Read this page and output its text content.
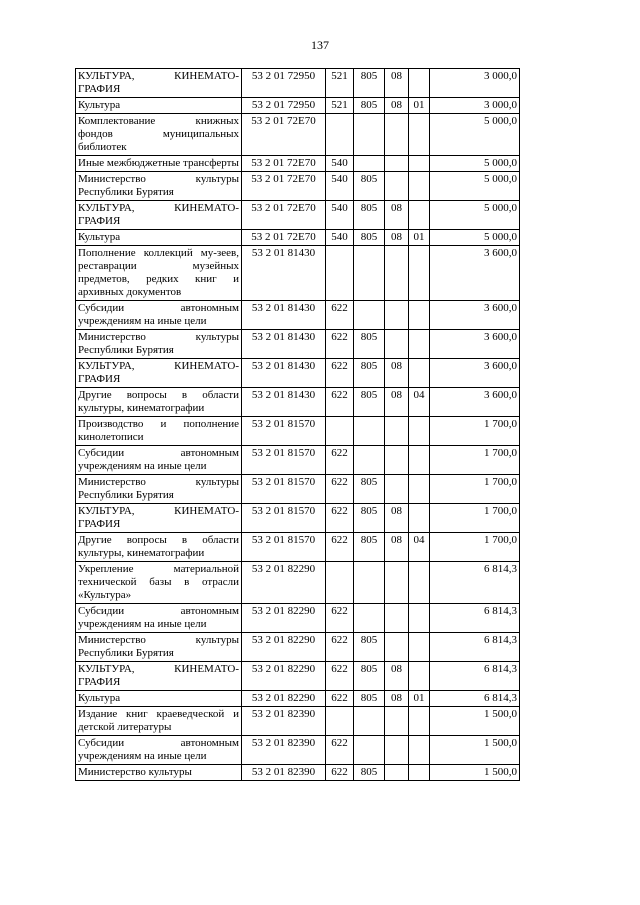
137
КУЛЬТУРА, КИНЕМАТО-ГРАФИЯ	53 2 01 72950	521	805	08		3 000,0
Культура	53 2 01 72950	521	805	08	01	3 000,0
Комплектование книжных фондов муниципальных библиотек	53 2 01 72Е70					5 000,0
Иные межбюджетные трансферты	53 2 01 72Е70	540				5 000,0
Министерство культуры Республики Бурятия	53 2 01 72Е70	540	805			5 000,0
КУЛЬТУРА, КИНЕМАТО-ГРАФИЯ	53 2 01 72Е70	540	805	08		5 000,0
Культура	53 2 01 72Е70	540	805	08	01	5 000,0
Пополнение коллекций му-зеев, реставрации музейных предметов, редких книг и архивных документов	53 2 01 81430					3 600,0
Субсидии автономным учреждениям на иные цели	53 2 01 81430	622				3 600,0
Министерство культуры Республики Бурятия	53 2 01 81430	622	805			3 600,0
КУЛЬТУРА, КИНЕМАТО-ГРАФИЯ	53 2 01 81430	622	805	08		3 600,0
Другие вопросы в области культуры, кинематографии	53 2 01 81430	622	805	08	04	3 600,0
Производство и пополнение кинолетописи	53 2 01 81570					1 700,0
Субсидии автономным учреждениям на иные цели	53 2 01 81570	622				1 700,0
Министерство культуры Республики Бурятия	53 2 01 81570	622	805			1 700,0
КУЛЬТУРА, КИНЕМАТО-ГРАФИЯ	53 2 01 81570	622	805	08		1 700,0
Другие вопросы в области культуры, кинематографии	53 2 01 81570	622	805	08	04	1 700,0
Укрепление материальной технической базы в отрасли «Культура»	53 2 01 82290					6 814,3
Субсидии автономным учреждениям на иные цели	53 2 01 82290	622				6 814,3
Министерство культуры Республики Бурятия	53 2 01 82290	622	805			6 814,3
КУЛЬТУРА, КИНЕМАТО-ГРАФИЯ	53 2 01 82290	622	805	08		6 814,3
Культура	53 2 01 82290	622	805	08	01	6 814,3
Издание книг краеведческой и детской литературы	53 2 01 82390					1 500,0
Субсидии автономным учреждениям на иные цели	53 2 01 82390	622				1 500,0
Министерство культуры	53 2 01 82390	622	805			1 500,0
